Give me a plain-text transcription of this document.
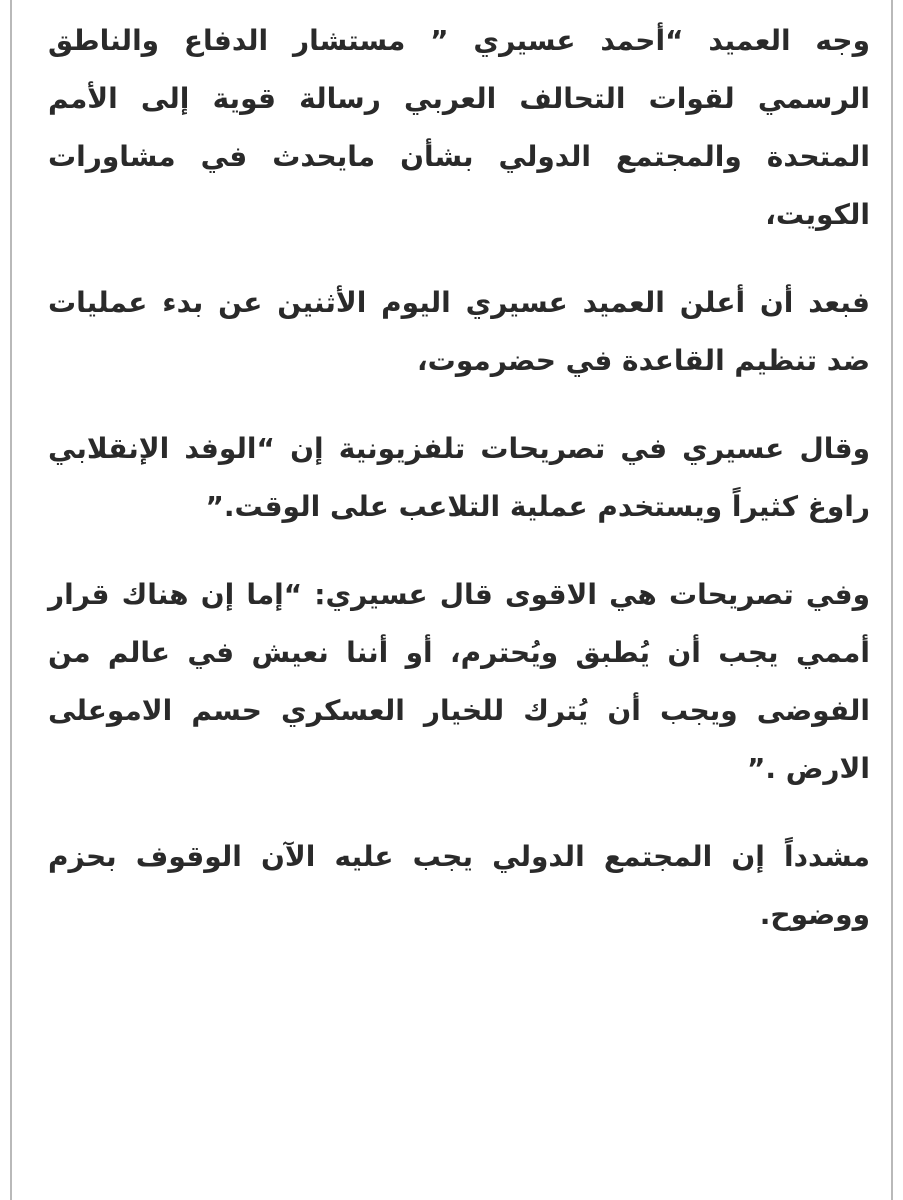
وجه العميد “أحمد عسيري ” مستشار الدفاع والناطق الرسمي لقوات التحالف العربي رسالة قوية إلى الأمم المتحدة والمجتمع الدولي بشأن مايحدث في مشاورات الكويت،

فبعد أن أعلن العميد عسيري اليوم الأثنين عن بدء عمليات ضد تنظيم القاعدة في حضرموت،

وقال عسيري في تصريحات تلفزيونية إن “الوفد الإنقلابي راوغ كثيراً ويستخدم عملية التلاعب على الوقت.”

وفي تصريحات هي الاقوى قال عسيري: “إما إن هناك قرار أممي يجب أن يُطبق ويُحترم، أو أننا نعيش في عالم من الفوضى ويجب أن يُترك للخيار العسكري حسم الاموعلى الارض .”

مشدداً إن المجتمع الدولي يجب عليه الآن الوقوف بحزم ووضوح.
